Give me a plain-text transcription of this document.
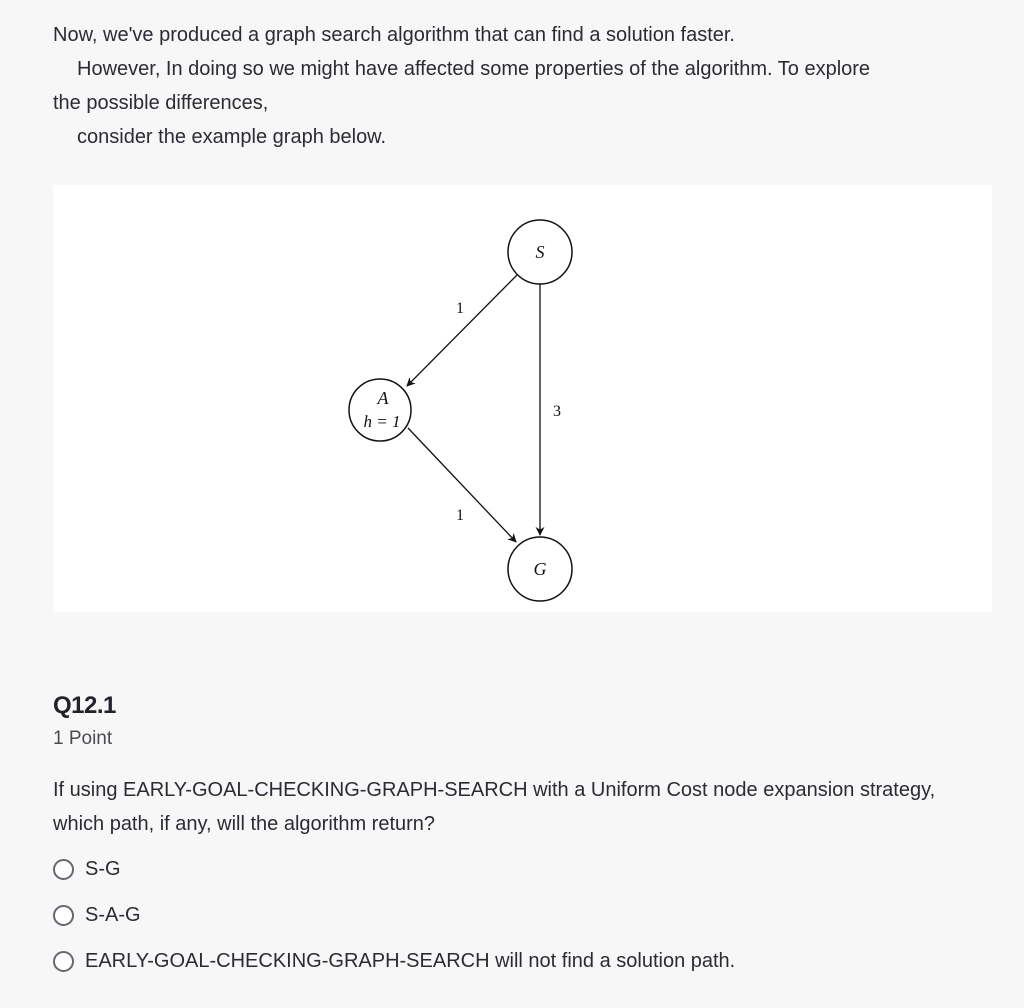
Now, we've produced a graph search algorithm that can find a solution faster.

However, In doing so we might have affected some properties of the algorithm. To explore

the possible differences,

consider the example graph below.

1
3
1
S
A
h = 1
G
Q12.1
1 Point
If using EARLY-GOAL-CHECKING-GRAPH-SEARCH with a Uniform Cost node expansion strategy, which path, if any, will the algorithm return?
S-G
S-A-G
EARLY-GOAL-CHECKING-GRAPH-SEARCH will not find a solution path.
